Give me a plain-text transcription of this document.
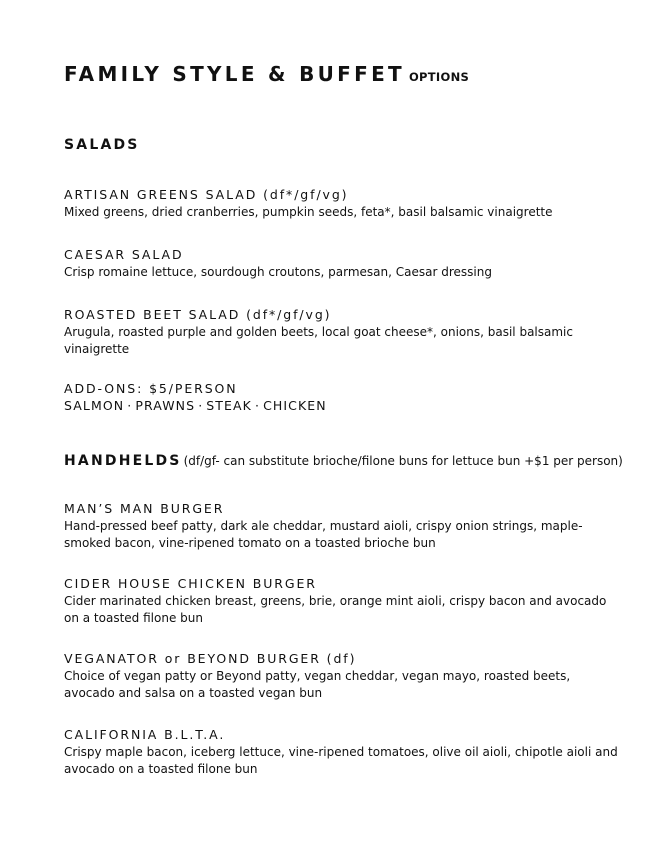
FAMILY STYLE & BUFFET OPTIONS
SALADS
ARTISAN GREENS SALAD (df*/gf/vg)
Mixed greens, dried cranberries, pumpkin seeds, feta*, basil balsamic vinaigrette
CAESAR SALAD
Crisp romaine lettuce, sourdough croutons, parmesan, Caesar dressing
ROASTED BEET SALAD (df*/gf/vg)
Arugula, roasted purple and golden beets, local goat cheese*, onions, basil balsamic vinaigrette
ADD-ONS: $5/PERSON
SALMON · PRAWNS · STEAK · CHICKEN
HANDHELDS (df/gf- can substitute brioche/filone buns for lettuce bun +$1 per person)
MAN’S MAN BURGER
Hand-pressed beef patty, dark ale cheddar, mustard aioli, crispy onion strings, maple-smoked bacon, vine-ripened tomato on a toasted brioche bun
CIDER HOUSE CHICKEN BURGER
Cider marinated chicken breast, greens, brie, orange mint aioli, crispy bacon and avocado on a toasted filone bun
VEGANATOR or BEYOND BURGER (df)
Choice of vegan patty or Beyond patty, vegan cheddar, vegan mayo, roasted beets, avocado and salsa on a toasted vegan bun
CALIFORNIA B.L.T.A.
Crispy maple bacon, iceberg lettuce, vine-ripened tomatoes, olive oil aioli, chipotle aioli and avocado on a toasted filone bun
